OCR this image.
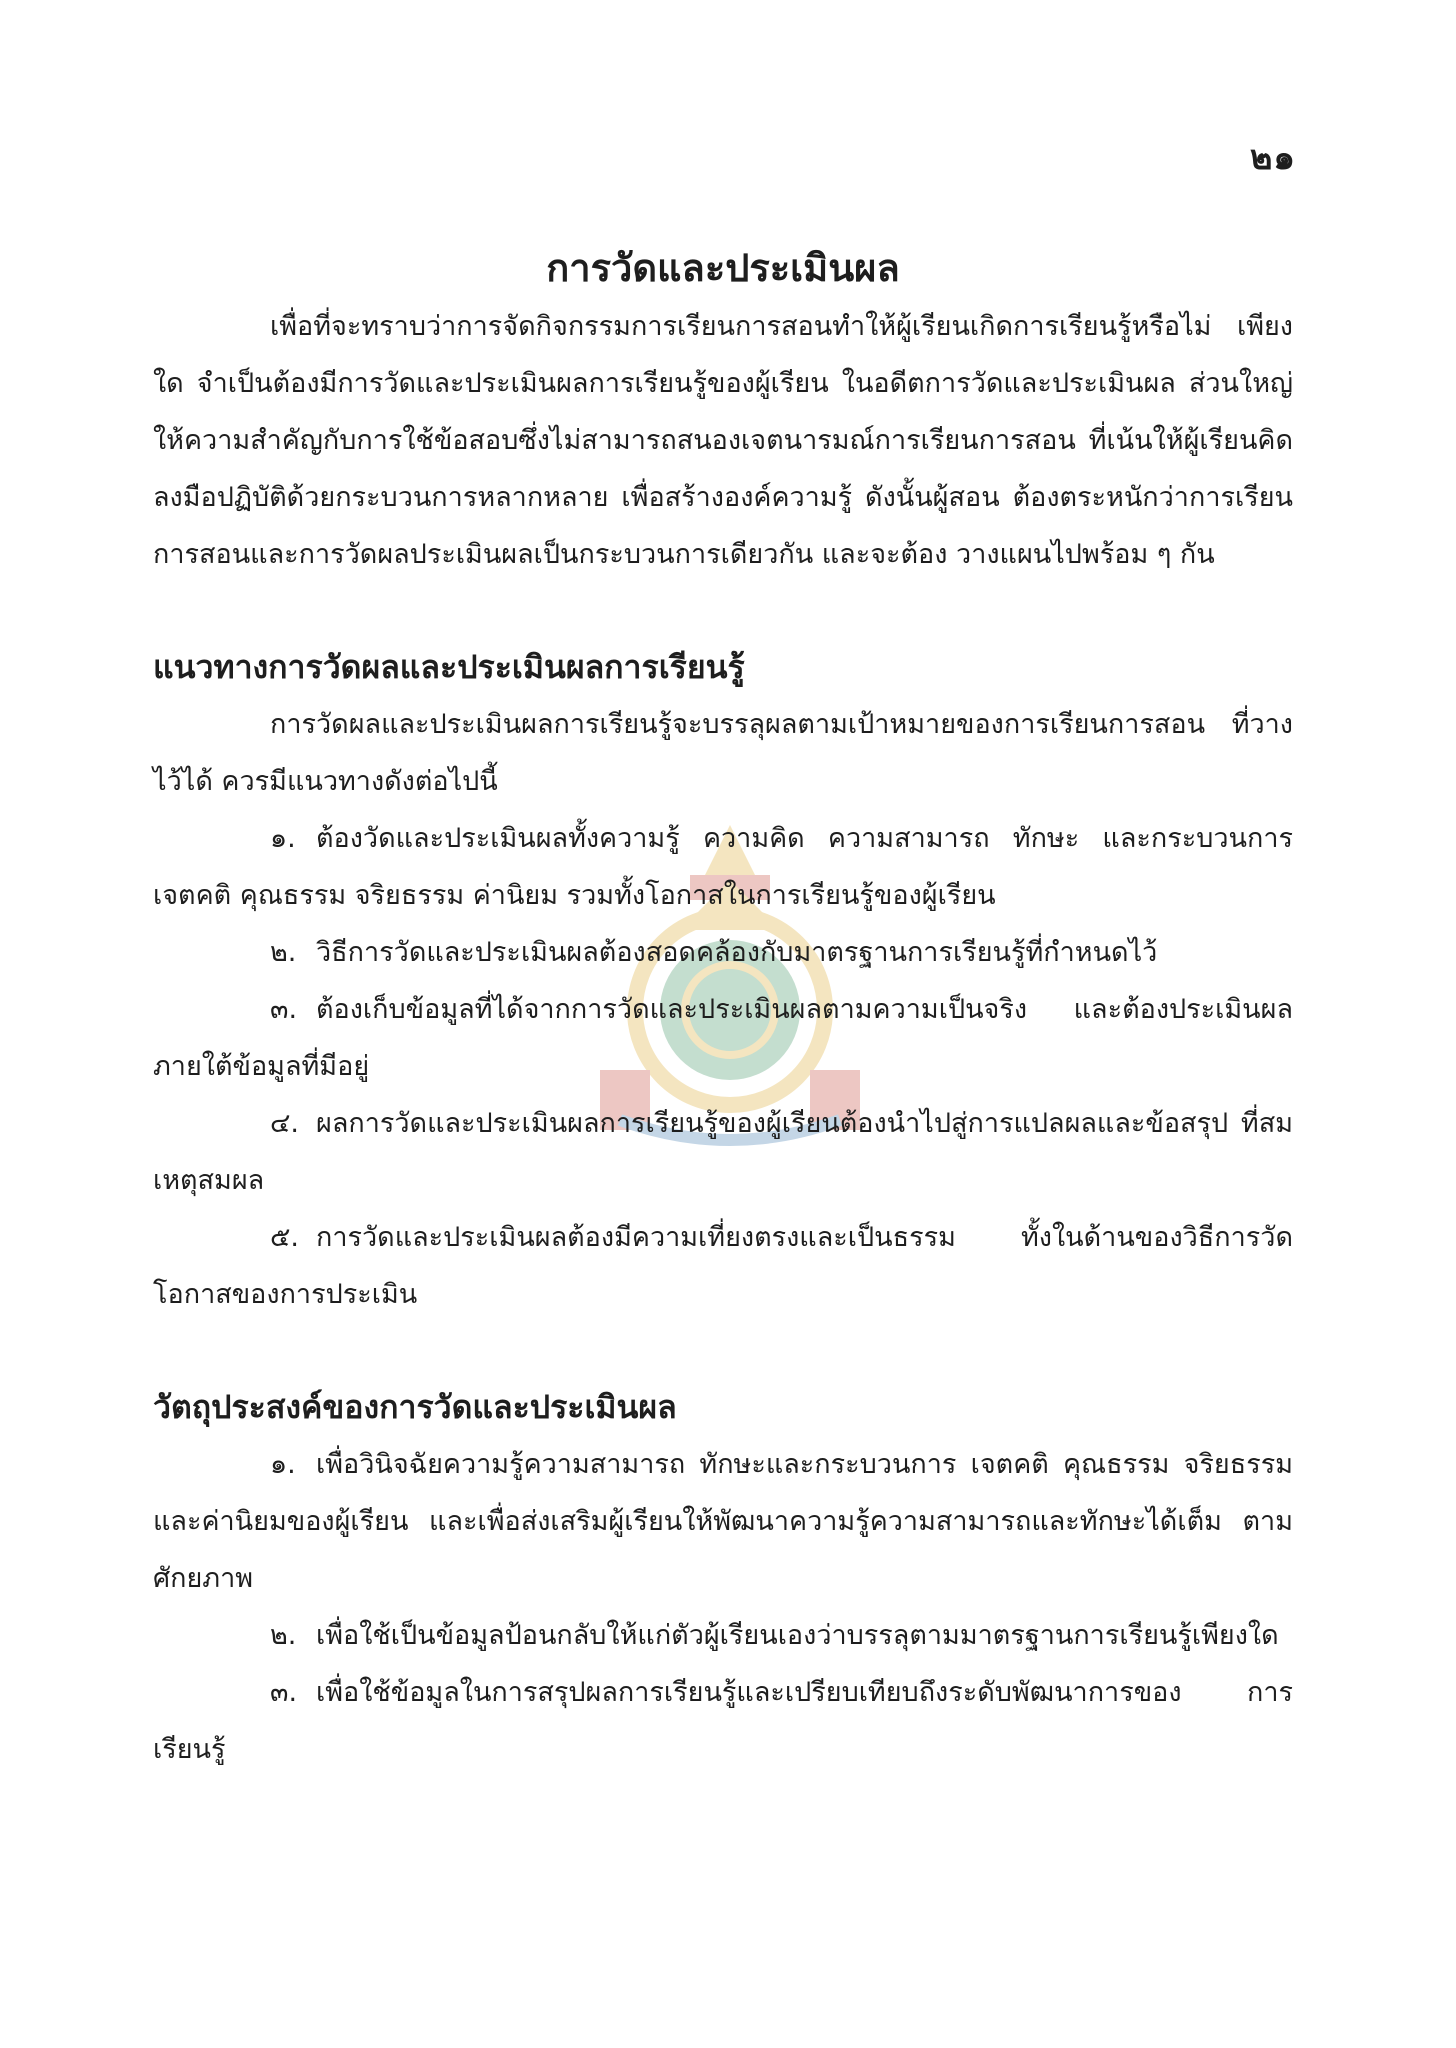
๒๑
การวัดและประเมินผล

เพื่อที่จะทราบว่าการจัดกิจกรรมการเรียนการสอนทำให้ผู้เรียนเกิดการเรียนรู้หรือไม่ เพียงใด จำเป็นต้องมีการวัดและประเมินผลการเรียนรู้ของผู้เรียน ในอดีตการวัดและประเมินผล ส่วนใหญ่ให้ความสำคัญกับการใช้ข้อสอบซึ่งไม่สามารถสนองเจตนารมณ์การเรียนการสอน ที่เน้นให้ผู้เรียนคิด ลงมือปฏิบัติด้วยกระบวนการหลากหลาย เพื่อสร้างองค์ความรู้ ดังนั้นผู้สอน ต้องตระหนักว่าการเรียนการสอนและการวัดผลประเมินผลเป็นกระบวนการเดียวกัน และจะต้อง วางแผนไปพร้อม ๆ กัน

แนวทางการวัดผลและประเมินผลการเรียนรู้

การวัดผลและประเมินผลการเรียนรู้จะบรรลุผลตามเป้าหมายของการเรียนการสอน ที่วางไว้ได้ ควรมีแนวทางดังต่อไปนี้

๑. ต้องวัดและประเมินผลทั้งความรู้ ความคิด ความสามารถ ทักษะ และกระบวนการ เจตคติ คุณธรรม จริยธรรม ค่านิยม รวมทั้งโอกาสในการเรียนรู้ของผู้เรียน

๒. วิธีการวัดและประเมินผลต้องสอดคล้องกับมาตรฐานการเรียนรู้ที่กำหนดไว้

๓. ต้องเก็บข้อมูลที่ได้จากการวัดและประเมินผลตามความเป็นจริง และต้องประเมินผล ภายใต้ข้อมูลที่มีอยู่

๔. ผลการวัดและประเมินผลการเรียนรู้ของผู้เรียนต้องนำไปสู่การแปลผลและข้อสรุป ที่สมเหตุสมผล

๕. การวัดและประเมินผลต้องมีความเที่ยงตรงและเป็นธรรม ทั้งในด้านของวิธีการวัด โอกาสของการประเมิน

วัตถุประสงค์ของการวัดและประเมินผล

๑. เพื่อวินิจฉัยความรู้ความสามารถ ทักษะและกระบวนการ เจตคติ คุณธรรม จริยธรรม และค่านิยมของผู้เรียน และเพื่อส่งเสริมผู้เรียนให้พัฒนาความรู้ความสามารถและทักษะได้เต็ม ตามศักยภาพ

๒. เพื่อใช้เป็นข้อมูลป้อนกลับให้แก่ตัวผู้เรียนเองว่าบรรลุตามมาตรฐานการเรียนรู้เพียงใด

๓. เพื่อใช้ข้อมูลในการสรุปผลการเรียนรู้และเปรียบเทียบถึงระดับพัฒนาการของ การเรียนรู้
